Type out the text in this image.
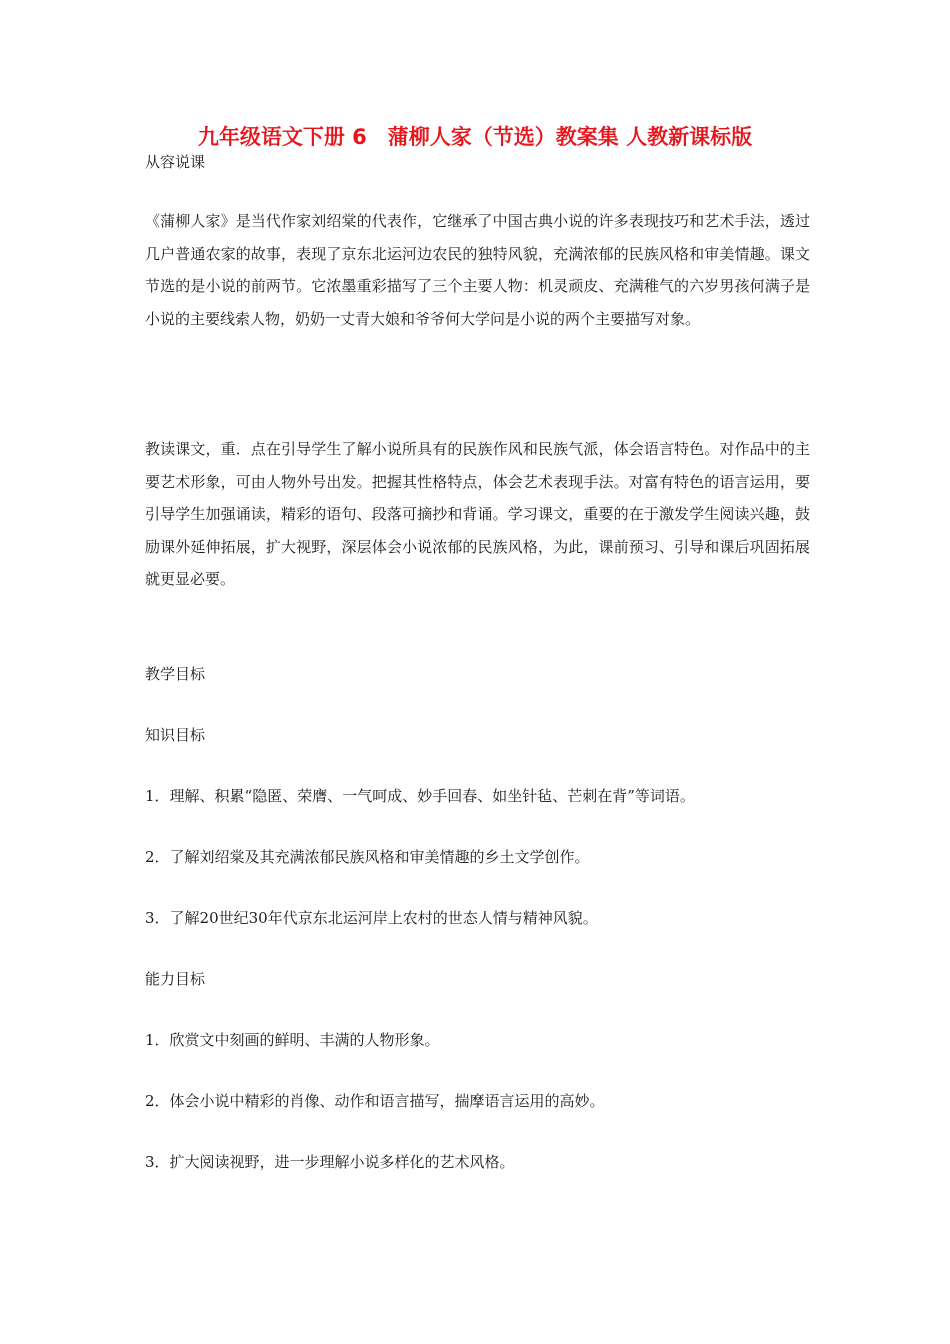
九年级语文下册 6　蒲柳人家（节选）教案集 人教新课标版

从容说课

《蒲柳人家》是当代作家刘绍棠的代表作，它继承了中国古典小说的许多表现技巧和艺术手法，透过几户普通农家的故事，表现了京东北运河边农民的独特风貌，充满浓郁的民族风格和审美情趣。课文节选的是小说的前两节。它浓墨重彩描写了三个主要人物：机灵顽皮、充满稚气的六岁男孩何满子是小说的主要线索人物，奶奶一丈青大娘和爷爷何大学问是小说的两个主要描写对象。

教读课文，重．点在引导学生了解小说所具有的民族作风和民族气派，体会语言特色。对作品中的主要艺术形象，可由人物外号出发。把握其性格特点，体会艺术表现手法。对富有特色的语言运用，要引导学生加强诵读，精彩的语句、段落可摘抄和背诵。学习课文，重要的在于激发学生阅读兴趣，鼓励课外延伸拓展，扩大视野，深层体会小说浓郁的民族风格，为此，课前预习、引导和课后巩固拓展就更显必要。

教学目标

知识目标

1．理解、积累“隐匿、荣膺、一气呵成、妙手回春、如坐针毡、芒刺在背”等词语。

2．了解刘绍棠及其充满浓郁民族风格和审美情趣的乡土文学创作。

3．了解20世纪30年代京东北运河岸上农村的世态人情与精神风貌。

能力目标

1．欣赏文中刻画的鲜明、丰满的人物形象。

2．体会小说中精彩的肖像、动作和语言描写，揣摩语言运用的高妙。

3．扩大阅读视野，进一步理解小说多样化的艺术风格。
